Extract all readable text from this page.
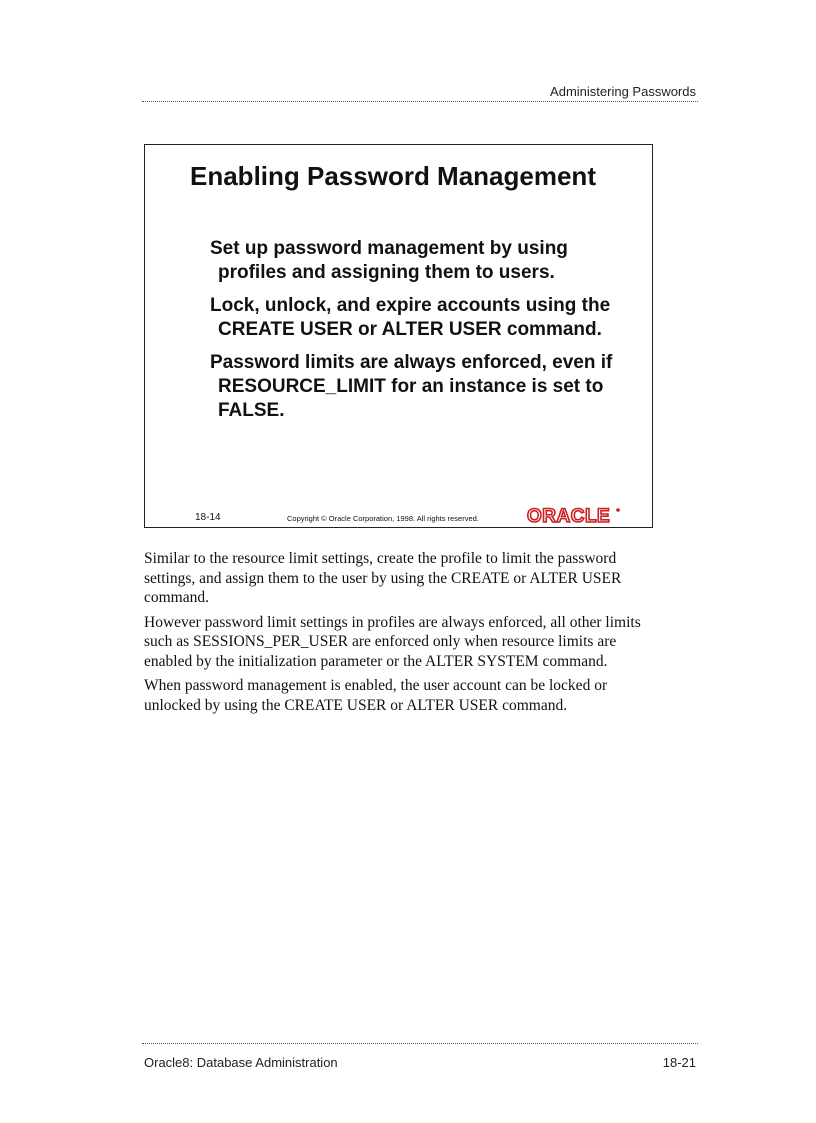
Administering Passwords
Enabling Password Management

Set up password management by using profiles and assigning them to users.

Lock, unlock, and expire accounts using the CREATE USER or ALTER USER command.

Password limits are always enforced, even if RESOURCE_LIMIT for an instance is set to FALSE.

18-14	Copyright © Oracle Corporation, 1998. All rights reserved.	ORACLE

Similar to the resource limit settings, create the profile to limit the password settings, and assign them to the user by using the CREATE or ALTER USER command.

However password limit settings in profiles are always enforced, all other limits such as SESSIONS_PER_USER are enforced only when resource limits are enabled by the initialization parameter or the ALTER SYSTEM command.

When password management is enabled, the user account can be locked or unlocked by using the CREATE USER or ALTER USER command.

Oracle8: Database Administration	18-21
